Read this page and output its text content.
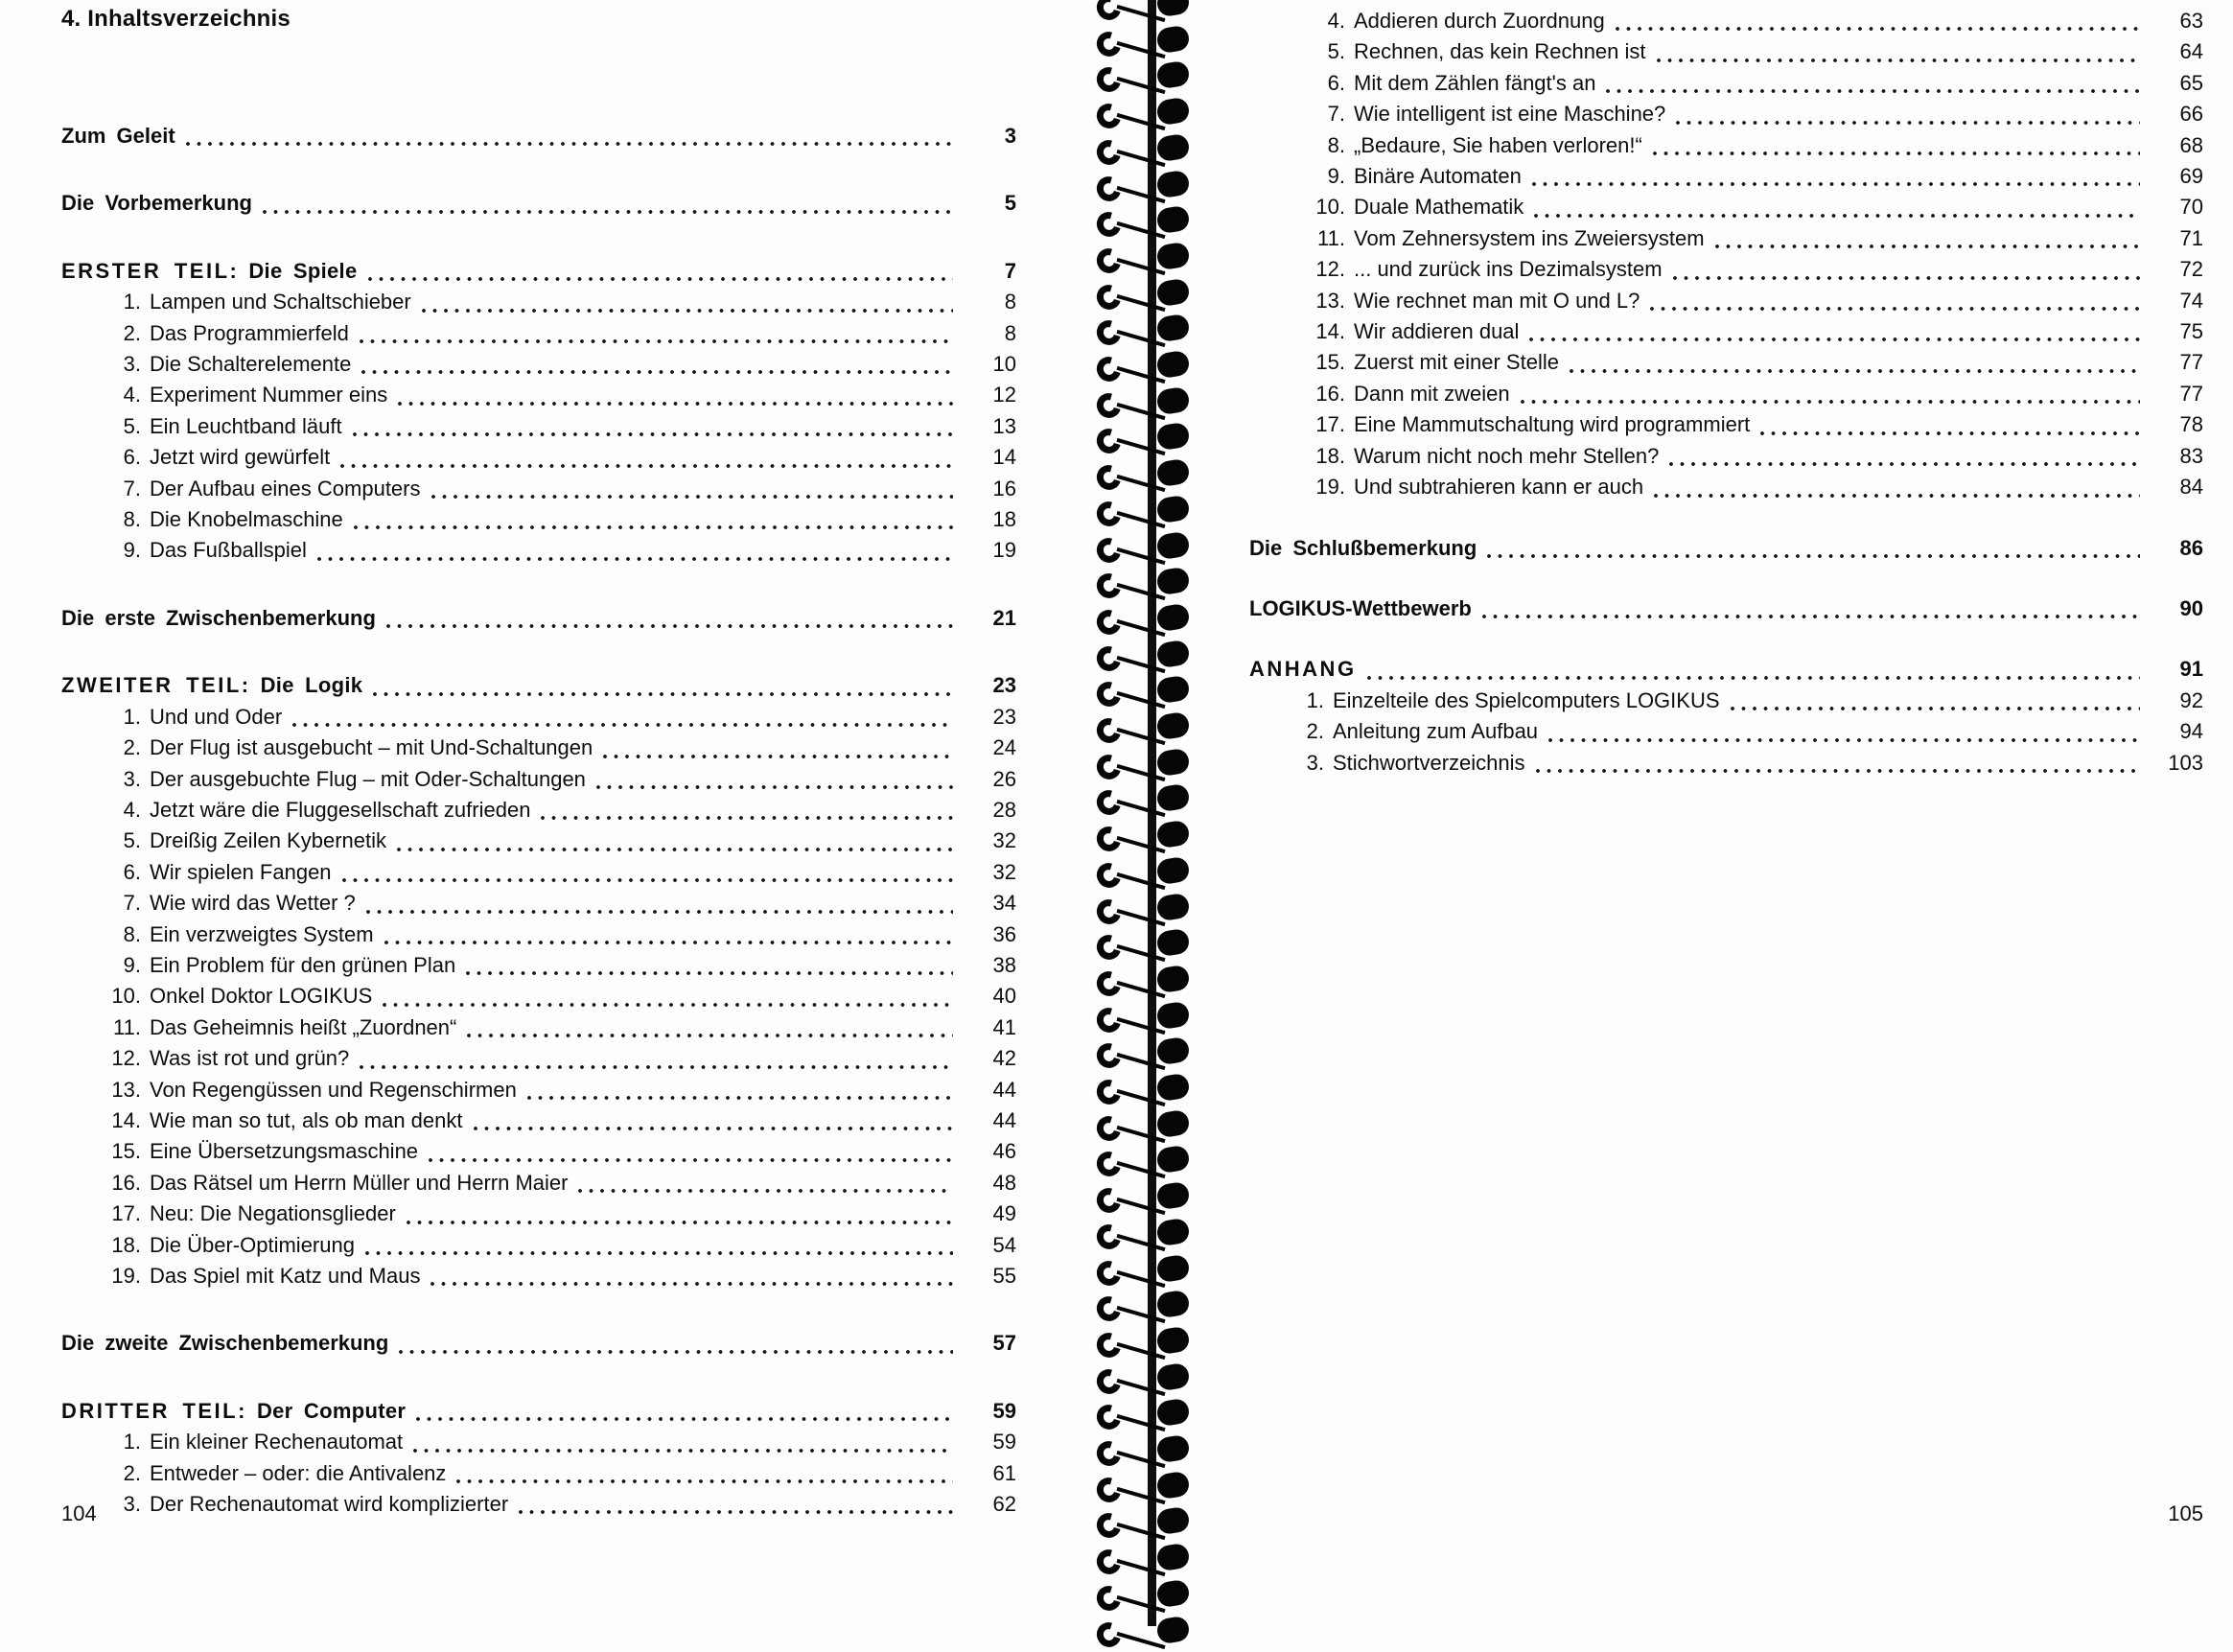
4. Inhaltsverzeichnis
Zum Geleit	3
Die Vorbemerkung	5
ERSTER TEIL: Die Spiele	7
1. Lampen und Schaltschieber	8
2. Das Programmierfeld	8
3. Die Schalterelemente	10
4. Experiment Nummer eins	12
5. Ein Leuchtband läuft	13
6. Jetzt wird gewürfelt	14
7. Der Aufbau eines Computers	16
8. Die Knobelmaschine	18
9. Das Fußballspiel	19
Die erste Zwischenbemerkung	21
ZWEITER TEIL: Die Logik	23
1. Und und Oder	23
2. Der Flug ist ausgebucht – mit Und-Schaltungen	24
3. Der ausgebuchte Flug – mit Oder-Schaltungen	26
4. Jetzt wäre die Fluggesellschaft zufrieden	28
5. Dreißig Zeilen Kybernetik	32
6. Wir spielen Fangen	32
7. Wie wird das Wetter ?	34
8. Ein verzweigtes System	36
9. Ein Problem für den grünen Plan	38
10. Onkel Doktor LOGIKUS	40
11. Das Geheimnis heißt „Zuordnen“	41
12. Was ist rot und grün?	42
13. Von Regengüssen und Regenschirmen	44
14. Wie man so tut, als ob man denkt	44
15. Eine Übersetzungsmaschine	46
16. Das Rätsel um Herrn Müller und Herrn Maier	48
17. Neu: Die Negationsglieder	49
18. Die Über-Optimierung	54
19. Das Spiel mit Katz und Maus	55
Die zweite Zwischenbemerkung	57
DRITTER TEIL: Der Computer	59
1. Ein kleiner Rechenautomat	59
2. Entweder – oder: die Antivalenz	61
3. Der Rechenautomat wird komplizierter	62
4. Addieren durch Zuordnung	63
5. Rechnen, das kein Rechnen ist	64
6. Mit dem Zählen fängt's an	65
7. Wie intelligent ist eine Maschine?	66
8. „Bedaure, Sie haben verloren!“	68
9. Binäre Automaten	69
10. Duale Mathematik	70
11. Vom Zehnersystem ins Zweiersystem	71
12. ... und zurück ins Dezimalsystem	72
13. Wie rechnet man mit O und L?	74
14. Wir addieren dual	75
15. Zuerst mit einer Stelle	77
16. Dann mit zweien	77
17. Eine Mammutschaltung wird programmiert	78
18. Warum nicht noch mehr Stellen?	83
19. Und subtrahieren kann er auch	84
Die Schlußbemerkung	86
LOGIKUS-Wettbewerb	90
ANHANG	91
1. Einzelteile des Spielcomputers LOGIKUS	92
2. Anleitung zum Aufbau	94
3. Stichwortverzeichnis	103
104	105
